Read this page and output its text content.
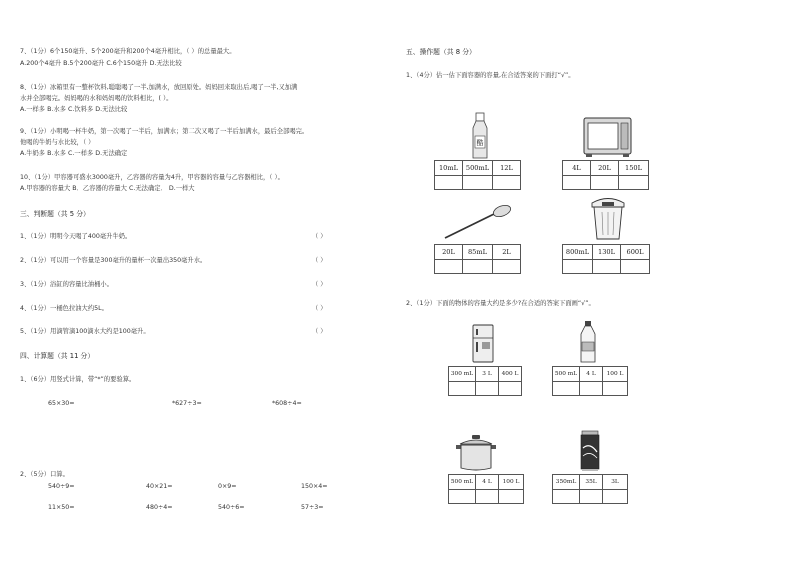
7、（1分）6个150毫升、5个200毫升和200个4毫升相比，（ ）的总量最大。
A.200个4毫升 B.5个200毫升 C.6个150毫升 D.无法比较
8、（1分）冰箱里有一整杯饮料,聪聪喝了一半,加满水，放回原处。妈妈回来取出后,喝了一半,又加满
水并全部喝完。妈妈喝的水和妈妈喝的饮料相比，( ）。
A.一样多 B.水多 C.饮料多 D.无法比较
9、（1分）小明喝一杯牛奶，第一次喝了一半后，加满水；第二次又喝了一半后加满水，最后全部喝完。
他喝的牛奶与水比较，（ ）
A.牛奶多 B.水多 C.一样多 D.无法确定
10、（1分）甲容器可盛水3000毫升，乙容器的容量为4升，甲容器的容量与乙容器相比，（ ）。
A.甲容器的容量大 B．乙容器的容量大 C.无法确定． D.一样大
三、判断题（共 5 分）
1、（1分）明明今天喝了400毫升牛奶。	（ ）
2、（1分）可以用一个容量是300毫升的量杯一次量出350毫升水。	（ ）
3、（1分）浴缸的容量比油桶小。	（ ）
4、（1分）一桶色拉油大约5L。	（ ）
5、（1分）用滴管滴100滴水大约是100毫升。	（ ）
四、计算题（共 11 分）
1、（6分）用竖式计算，带“*”的要验算。
65×30=	*627÷3=	*608÷4=
2、（5分）口算。
540÷9=	40×21=	0×9=	150×4=
11×50=	480÷4=	540÷6=	57÷3=
五、操作题（共 8 分）
1、（4分）估一估下面容器的容量,在合适答案的下面打“√”。
酷
10mL	500mL	12L
			4L	20L	150L

20L	85mL	2L
			800mL	130L	600L

2、（1分）下面的物体的容量大约是多少?在合适的答案下面画“√”。
300 mL	3 L	400 L
			500 mL	4 L	100 L

500 mL	4 L	100 L
			350mL	35L	3L
